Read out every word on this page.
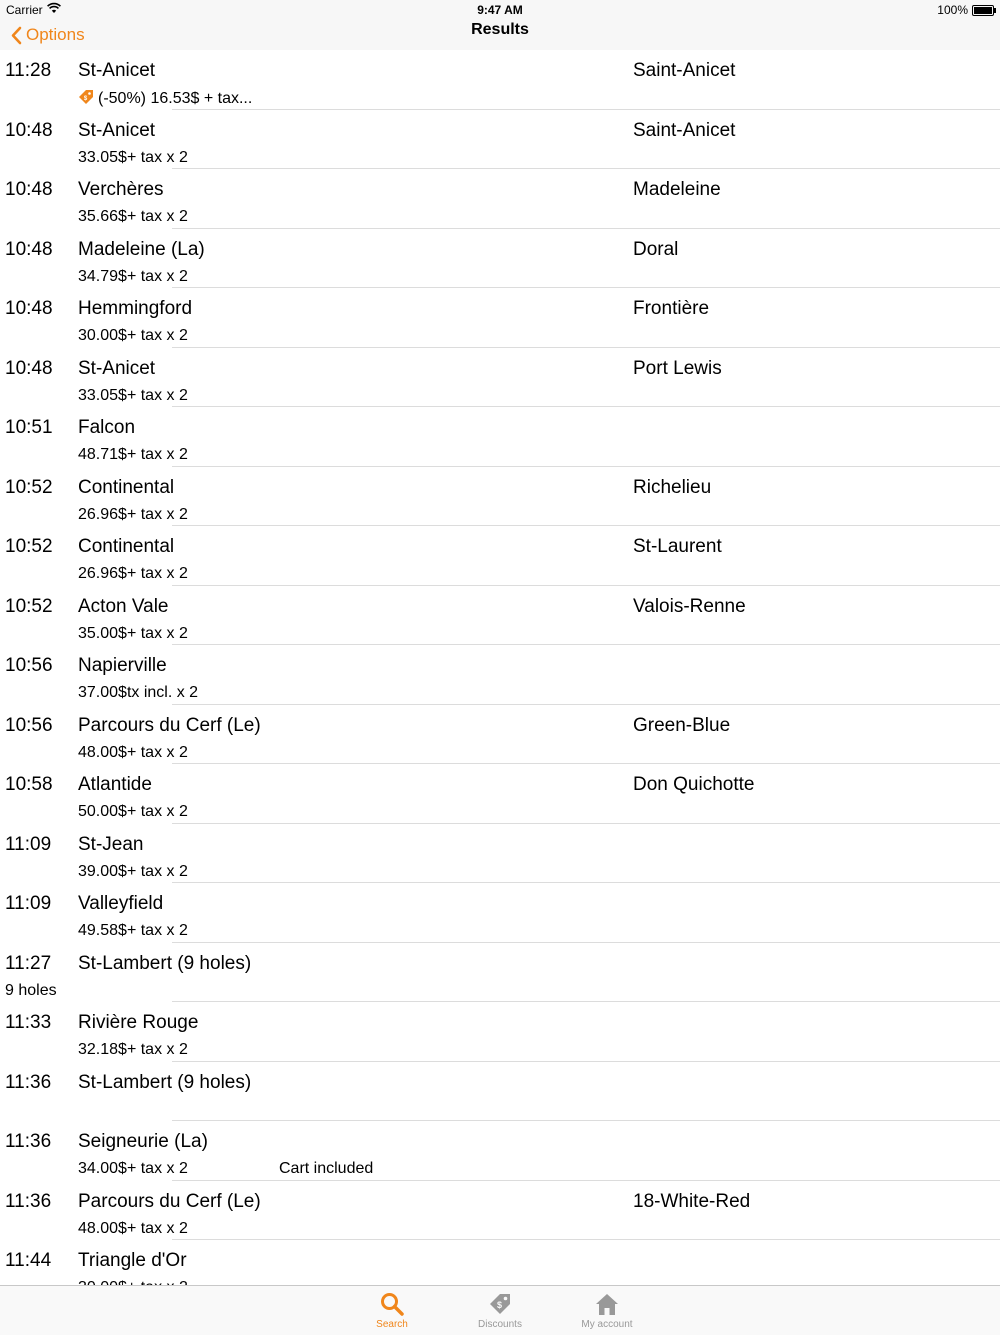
Carrier	9:47 AM	100%
Options	Results
11:28 St-Anicet	Saint-Anicet
$ (-50%) 16.53$ + tax...
10:48 St-Anicet	Saint-Anicet
33.05$+ tax x 2
10:48 Verchères	Madeleine
35.66$+ tax x 2
10:48 Madeleine (La)	Doral
34.79$+ tax x 2
10:48 Hemmingford	Frontière
30.00$+ tax x 2
10:48 St-Anicet	Port Lewis
33.05$+ tax x 2
10:51 Falcon
48.71$+ tax x 2
10:52 Continental	Richelieu
26.96$+ tax x 2
10:52 Continental	St-Laurent
26.96$+ tax x 2
10:52 Acton Vale	Valois-Renne
35.00$+ tax x 2
10:56 Napierville
37.00$tx incl. x 2
10:56 Parcours du Cerf (Le)	Green-Blue
48.00$+ tax x 2
10:58 Atlantide	Don Quichotte
50.00$+ tax x 2
11:09 St-Jean
39.00$+ tax x 2
11:09 Valleyfield
49.58$+ tax x 2
11:27 St-Lambert (9 holes)
9 holes
11:33 Rivière Rouge
32.18$+ tax x 2
11:36 St-Lambert (9 holes)
11:36 Seigneurie (La)
34.00$+ tax x 2	Cart included
11:36 Parcours du Cerf (Le)	18-White-Red
48.00$+ tax x 2
11:44 Triangle d'Or
Search
$
Discounts	My account
